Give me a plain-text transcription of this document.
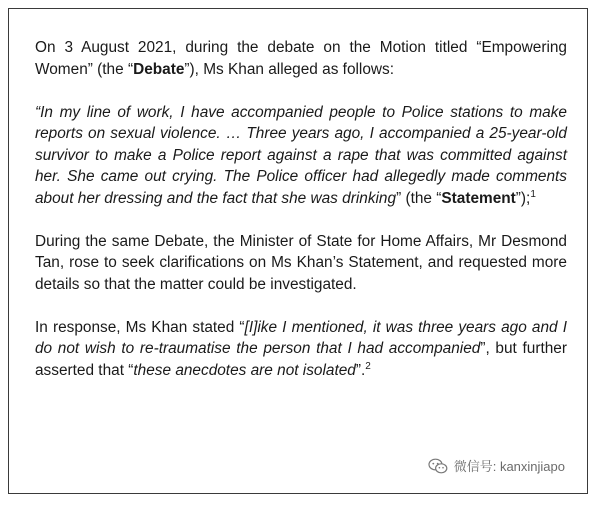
On 3 August 2021, during the debate on the Motion titled “Empowering Women” (the “Debate”), Ms Khan alleged as follows:

“In my line of work, I have accompanied people to Police stations to make reports on sexual violence. … Three years ago, I accompanied a 25-year-old survivor to make a Police report against a rape that was committed against her. She came out crying. The Police officer had allegedly made comments about her dressing and the fact that she was drinking” (the “Statement”);$^1$

During the same Debate, the Minister of State for Home Affairs, Mr Desmond Tan, rose to seek clarifications on Ms Khan’s Statement, and requested more details so that the matter could be investigated.

In response, Ms Khan stated “[I]ike I mentioned, it was three years ago and I do not wish to re-traumatise the person that I had accompanied”, but further asserted that “these anecdotes are not isolated”.$^2$

微信号: kanxinjiapo
